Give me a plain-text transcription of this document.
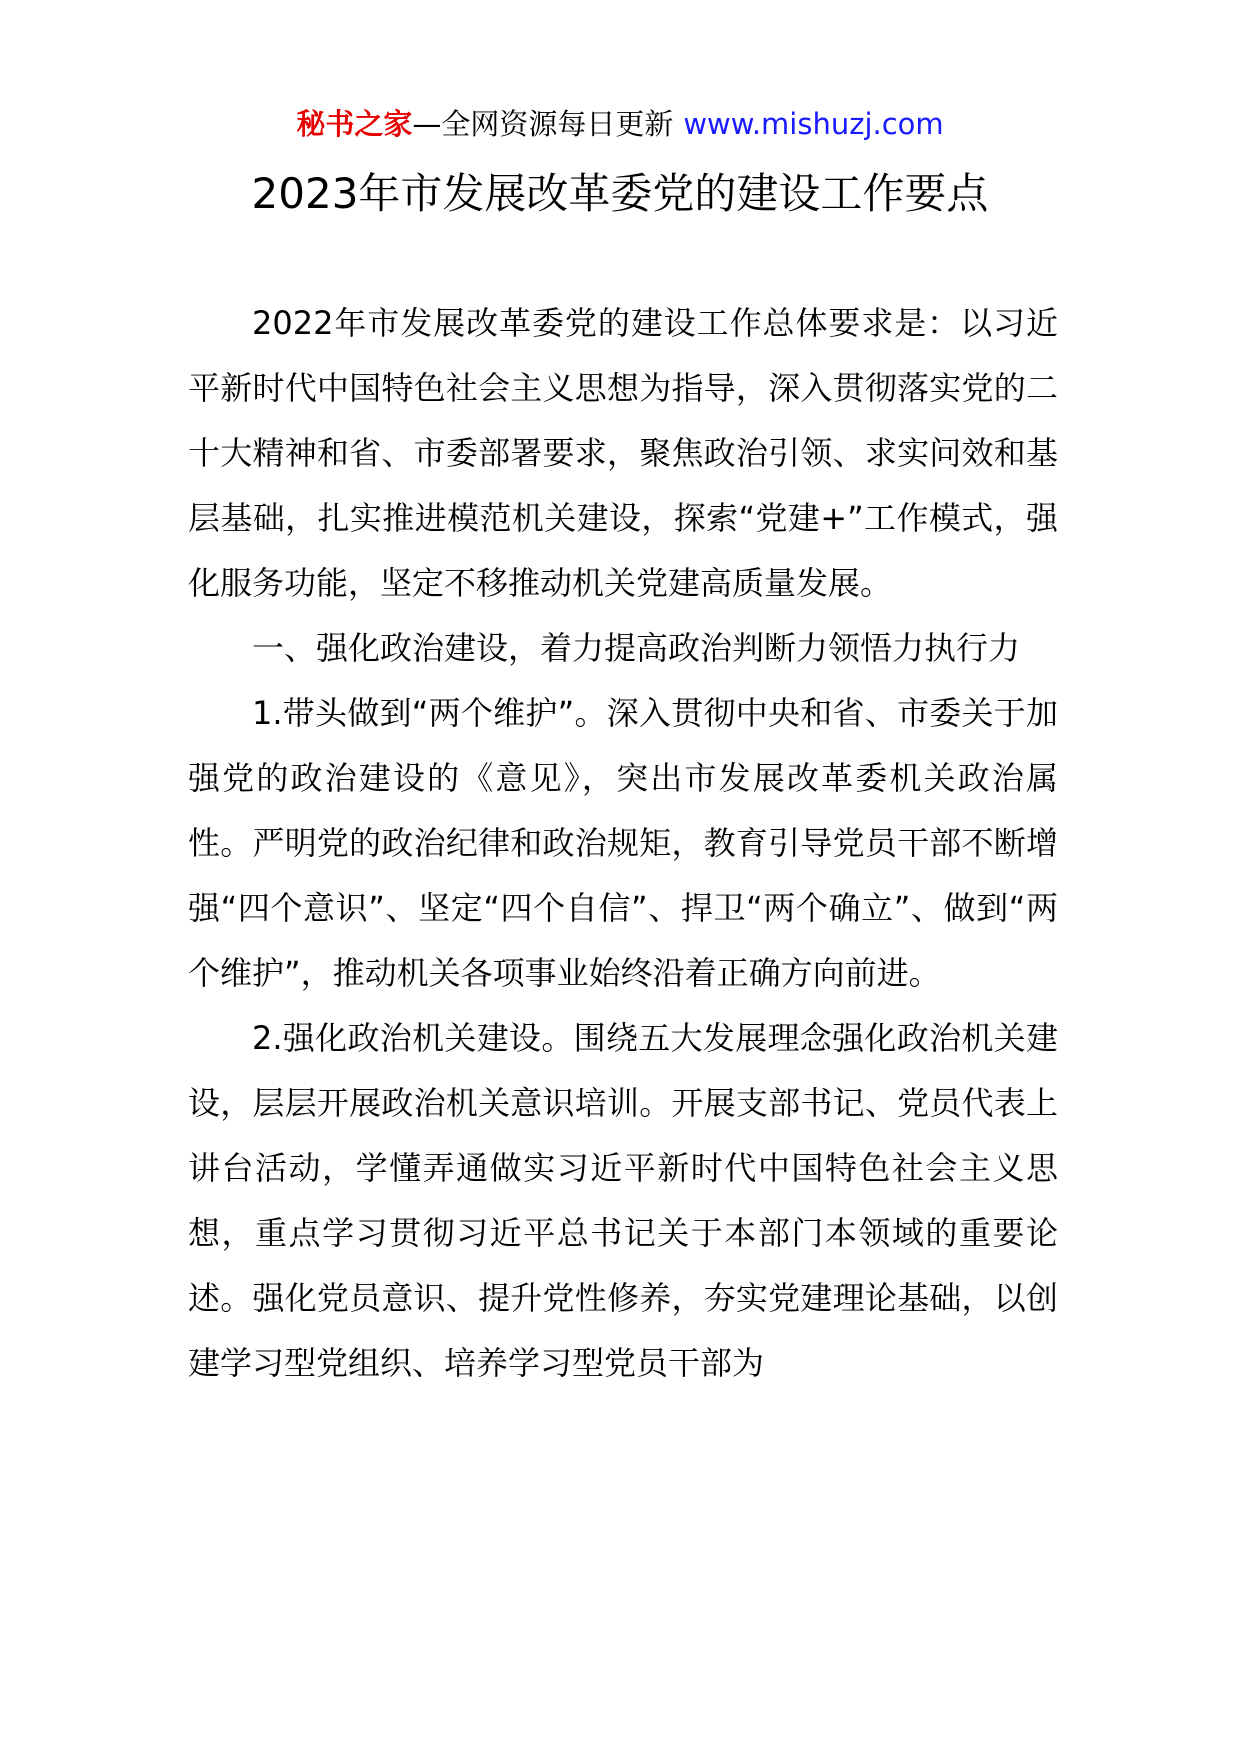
秘书之家—全网资源每日更新 www.mishuzj.com
2023年市发展改革委党的建设工作要点

2022年市发展改革委党的建设工作总体要求是：以习近平新时代中国特色社会主义思想为指导，深入贯彻落实党的二十大精神和省、市委部署要求，聚焦政治引领、求实问效和基层基础，扎实推进模范机关建设，探索“党建+”工作模式，强化服务功能，坚定不移推动机关党建高质量发展。

一、强化政治建设，着力提高政治判断力领悟力执行力

1.带头做到“两个维护”。深入贯彻中央和省、市委关于加强党的政治建设的《意见》，突出市发展改革委机关政治属性。严明党的政治纪律和政治规矩，教育引导党员干部不断增强“四个意识”、坚定“四个自信”、捍卫“两个确立”、做到“两个维护”，推动机关各项事业始终沿着正确方向前进。

2.强化政治机关建设。围绕五大发展理念强化政治机关建设，层层开展政治机关意识培训。开展支部书记、党员代表上讲台活动，学懂弄通做实习近平新时代中国特色社会主义思想，重点学习贯彻习近平总书记关于本部门本领域的重要论述。强化党员意识、提升党性修养，夯实党建理论基础，以创建学习型党组织、培养学习型党员干部为
